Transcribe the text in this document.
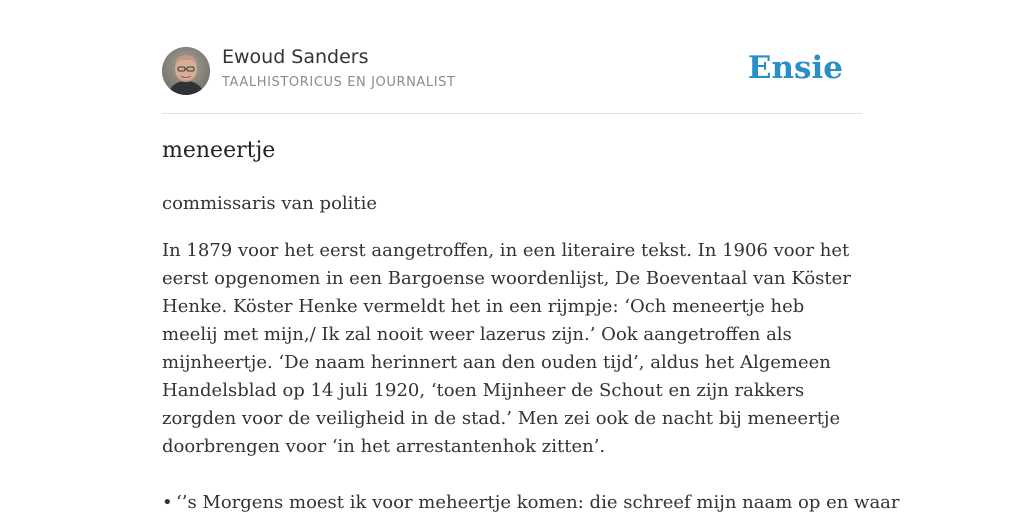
Ewoud Sanders
TAALHISTORICUS EN JOURNALIST	Ensie
meneertje
commissaris van politie

In 1879 voor het eerst aangetroffen, in een literaire tekst. In 1906 voor het eerst opgenomen in een Bargoense woordenlijst, De Boeventaal van Köster Henke. Köster Henke vermeldt het in een rijmpje: ‘Och meneertje heb meelij met mijn,/ Ik zal nooit weer lazerus zijn.’ Ook aangetroffen als mijnheertje. ‘De naam herinnert aan den ouden tijd’, aldus het Algemeen Handelsblad op 14 juli 1920, ‘toen Mijnheer de Schout en zijn rakkers zorgden voor de veiligheid in de stad.’ Men zei ook de nacht bij meneertje doorbrengen voor ‘in het arrestantenhok zitten’.

• ‘’s Morgens moest ik voor meheertje komen: die schreef mijn naam op en waar
